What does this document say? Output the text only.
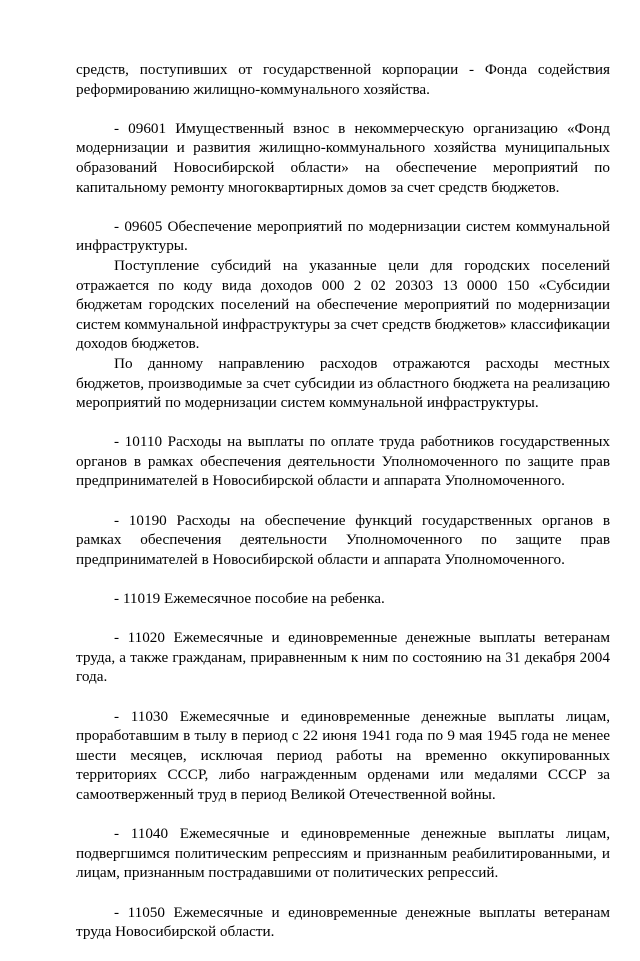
средств, поступивших от государственной корпорации - Фонда содействия реформированию жилищно-коммунального хозяйства.

- 09601 Имущественный взнос в некоммерческую организацию «Фонд модернизации и развития жилищно-коммунального хозяйства муниципальных образований Новосибирской области» на обеспечение мероприятий по капитальному ремонту многоквартирных домов за счет средств бюджетов.

- 09605 Обеспечение мероприятий по модернизации систем коммунальной инфраструктуры.

Поступление субсидий на указанные цели для городских поселений отражается по коду вида доходов 000 2 02 20303 13 0000 150 «Субсидии бюджетам городских поселений на обеспечение мероприятий по модернизации систем коммунальной инфраструктуры за счет средств бюджетов» классификации доходов бюджетов.

По данному направлению расходов отражаются расходы местных бюджетов, производимые за счет субсидии из областного бюджета на реализацию мероприятий по модернизации систем коммунальной инфраструктуры.

- 10110 Расходы на выплаты по оплате труда работников государственных органов в рамках обеспечения деятельности Уполномоченного по защите прав предпринимателей в Новосибирской области и аппарата Уполномоченного.

- 10190 Расходы на обеспечение функций государственных органов в рамках обеспечения деятельности Уполномоченного по защите прав предпринимателей в Новосибирской области и аппарата Уполномоченного.

- 11019 Ежемесячное пособие на ребенка.

- 11020 Ежемесячные и единовременные денежные выплаты ветеранам труда, а также гражданам, приравненным к ним по состоянию на 31 декабря 2004 года.

- 11030 Ежемесячные и единовременные денежные выплаты лицам, проработавшим в тылу в период с 22 июня 1941 года по 9 мая 1945 года не менее шести месяцев, исключая период работы на временно оккупированных территориях СССР, либо награжденным орденами или медалями СССР за самоотверженный труд в период Великой Отечественной войны.

- 11040 Ежемесячные и единовременные денежные выплаты лицам, подвергшимся политическим репрессиям и признанным реабилитированными, и лицам, признанным пострадавшими от политических репрессий.

- 11050 Ежемесячные и единовременные денежные выплаты ветеранам труда Новосибирской области.
